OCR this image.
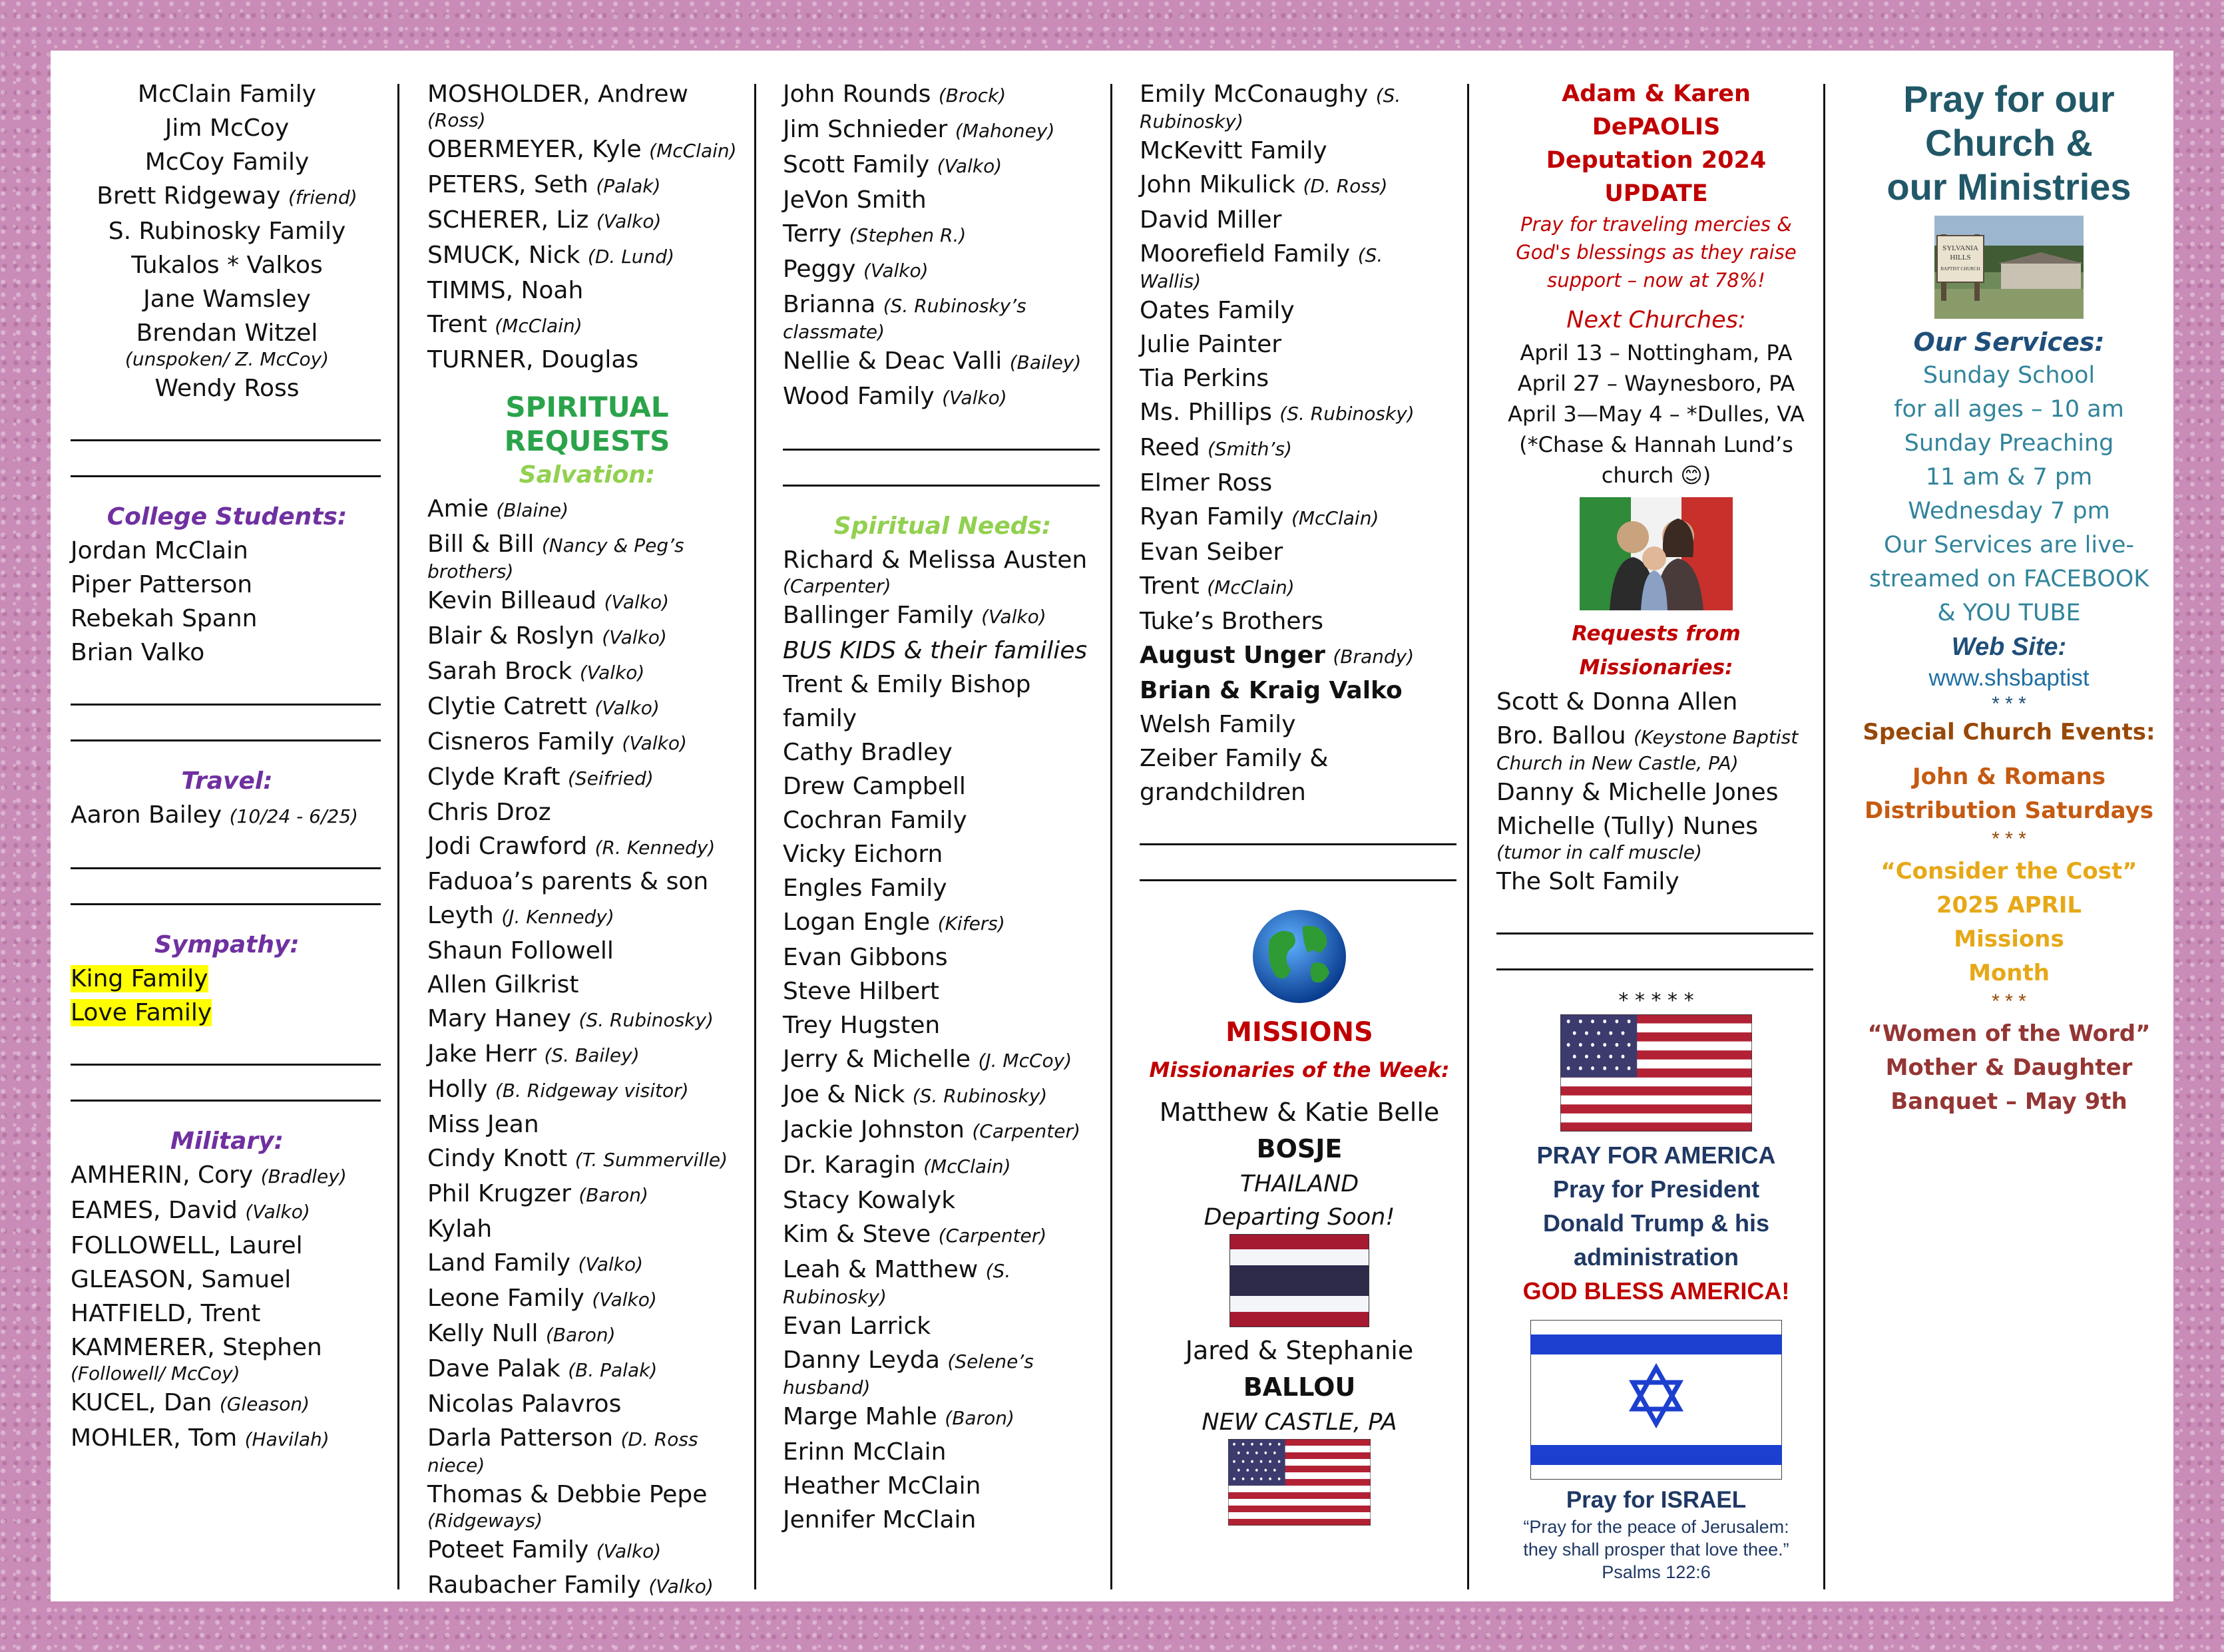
McClain Family
Jim McCoy
McCoy Family
Brett Ridgeway (friend)
S. Rubinosky Family
Tukalos * Valkos
Jane Wamsley
Brendan Witzel
(unspoken/ Z. McCoy)
Wendy Ross
College Students:
Jordan McClain
Piper Patterson
Rebekah Spann
Brian Valko
Travel:
Aaron Bailey (10/24 - 6/25)
Sympathy:
King Family
Love Family
Military:
AMHERIN, Cory (Bradley)
EAMES, David (Valko)
FOLLOWELL, Laurel
GLEASON, Samuel
HATFIELD, Trent
KAMMERER, Stephen
(Followell/ McCoy)
KUCEL, Dan (Gleason)
MOHLER, Tom (Havilah)
MOSHOLDER, Andrew
(Ross)
OBERMEYER, Kyle (McClain)
PETERS, Seth (Palak)
SCHERER, Liz (Valko)
SMUCK, Nick (D. Lund)
TIMMS, Noah
Trent (McClain)
TURNER, Douglas
SPIRITUAL REQUESTS
Salvation:
Amie (Blaine)
Bill & Bill (Nancy & Peg’s
brothers)
Kevin Billeaud (Valko)
Blair & Roslyn (Valko)
Sarah Brock (Valko)
Clytie Catrett (Valko)
Cisneros Family (Valko)
Clyde Kraft (Seifried)
Chris Droz
Jodi Crawford (R. Kennedy)
Faduoa’s parents & son
Leyth (J. Kennedy)
Shaun Followell
Allen Gilkrist
Mary Haney (S. Rubinosky)
Jake Herr (S. Bailey)
Holly (B. Ridgeway visitor)
Miss Jean
Cindy Knott (T. Summerville)
Phil Krugzer (Baron)
Kylah
Land Family (Valko)
Leone Family (Valko)
Kelly Null (Baron)
Dave Palak (B. Palak)
Nicolas Palavros
Darla Patterson (D. Ross
niece)
Thomas & Debbie Pepe
(Ridgeways)
Poteet Family (Valko)
Raubacher Family (Valko)
John Rounds (Brock)
Jim Schnieder (Mahoney)
Scott Family (Valko)
JeVon Smith
Terry (Stephen R.)
Peggy (Valko)
Brianna (S. Rubinosky’s
classmate)
Nellie & Deac Valli (Bailey)
Wood Family (Valko)
Spiritual Needs:
Richard & Melissa Austen
(Carpenter)
Ballinger Family (Valko)
BUS KIDS & their families
Trent & Emily Bishop
family
Cathy Bradley
Drew Campbell
Cochran Family
Vicky Eichorn
Engles Family
Logan Engle (Kifers)
Evan Gibbons
Steve Hilbert
Trey Hugsten
Jerry & Michelle (J. McCoy)
Joe & Nick (S. Rubinosky)
Jackie Johnston (Carpenter)
Dr. Karagin (McClain)
Stacy Kowalyk
Kim & Steve (Carpenter)
Leah & Matthew (S.
Rubinosky)
Evan Larrick
Danny Leyda (Selene’s
husband)
Marge Mahle (Baron)
Erinn McClain
Heather McClain
Jennifer McClain
Emily McConaughy (S.
Rubinosky)
McKevitt Family
John Mikulick (D. Ross)
David Miller
Moorefield Family (S.
Wallis)
Oates Family
Julie Painter
Tia Perkins
Ms. Phillips (S. Rubinosky)
Reed (Smith’s)
Elmer Ross
Ryan Family (McClain)
Evan Seiber
Trent (McClain)
Tuke’s Brothers
August Unger (Brandy)
Brian & Kraig Valko
Welsh Family
Zeiber Family &
grandchildren
MISSIONS
Missionaries of the Week:
Matthew & Katie Belle
BOSJE
THAILAND
Departing Soon!
Jared & Stephanie
BALLOU
NEW CASTLE, PA
Adam & Karen DePAOLIS
Deputation 2024 UPDATE
Pray for traveling mercies &
God's blessings as they raise
support – now at 78%!
Next Churches:
April 13 – Nottingham, PA
April 27 – Waynesboro, PA
April 3—May 4 – *Dulles, VA
(*Chase & Hannah Lund’s
church 😊)
Requests from Missionaries:
Scott & Donna Allen
Bro. Ballou (Keystone Baptist
Church in New Castle, PA)
Danny & Michelle Jones
Michelle (Tully) Nunes
(tumor in calf muscle)
The Solt Family
* * * * *
PRAY FOR AMERICA
Pray for President
Donald Trump & his
administration
GOD BLESS AMERICA!
Pray for ISRAEL
“Pray for the peace of Jerusalem:
they shall prosper that love thee.”
Psalms 122:6
Pray for our
Church &
our Ministries
SYLVANIA
HILLS
BAPTIST CHURCH
Our Services:
Sunday School
for all ages – 10 am
Sunday Preaching
11 am & 7 pm
Wednesday 7 pm
Our Services are live-
streamed on FACEBOOK
& YOU TUBE
Web Site:
www.shsbaptist
* * *
Special Church Events:
John & Romans
Distribution Saturdays
* * *
“Consider the Cost”
2025 APRIL
Missions
Month
* * *
“Women of the Word”
Mother & Daughter
Banquet – May 9th
